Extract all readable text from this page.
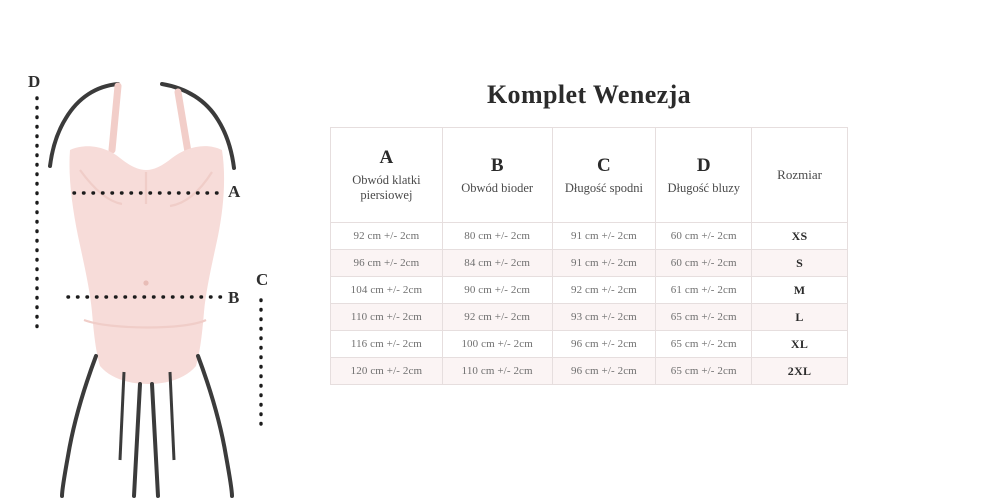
D
A
B
C
Komplet Wenezja
A
Obwód klatki piersiowej	B
Obwód bioder	C
Długość spodni	D
Długość bluzy	Rozmiar

92 cm +/- 2cm	80 cm +/- 2cm	91 cm +/- 2cm	60 cm +/- 2cm	XS
96 cm +/- 2cm	84 cm +/- 2cm	91 cm +/- 2cm	60 cm +/- 2cm	S
104 cm +/- 2cm	90 cm +/- 2cm	92 cm +/- 2cm	61 cm +/- 2cm	M
110 cm +/- 2cm	92 cm +/- 2cm	93 cm +/- 2cm	65 cm +/- 2cm	L
116 cm +/- 2cm	100 cm +/- 2cm	96 cm +/- 2cm	65 cm +/- 2cm	XL
120 cm +/- 2cm	110 cm +/- 2cm	96 cm +/- 2cm	65 cm +/- 2cm	2XL
